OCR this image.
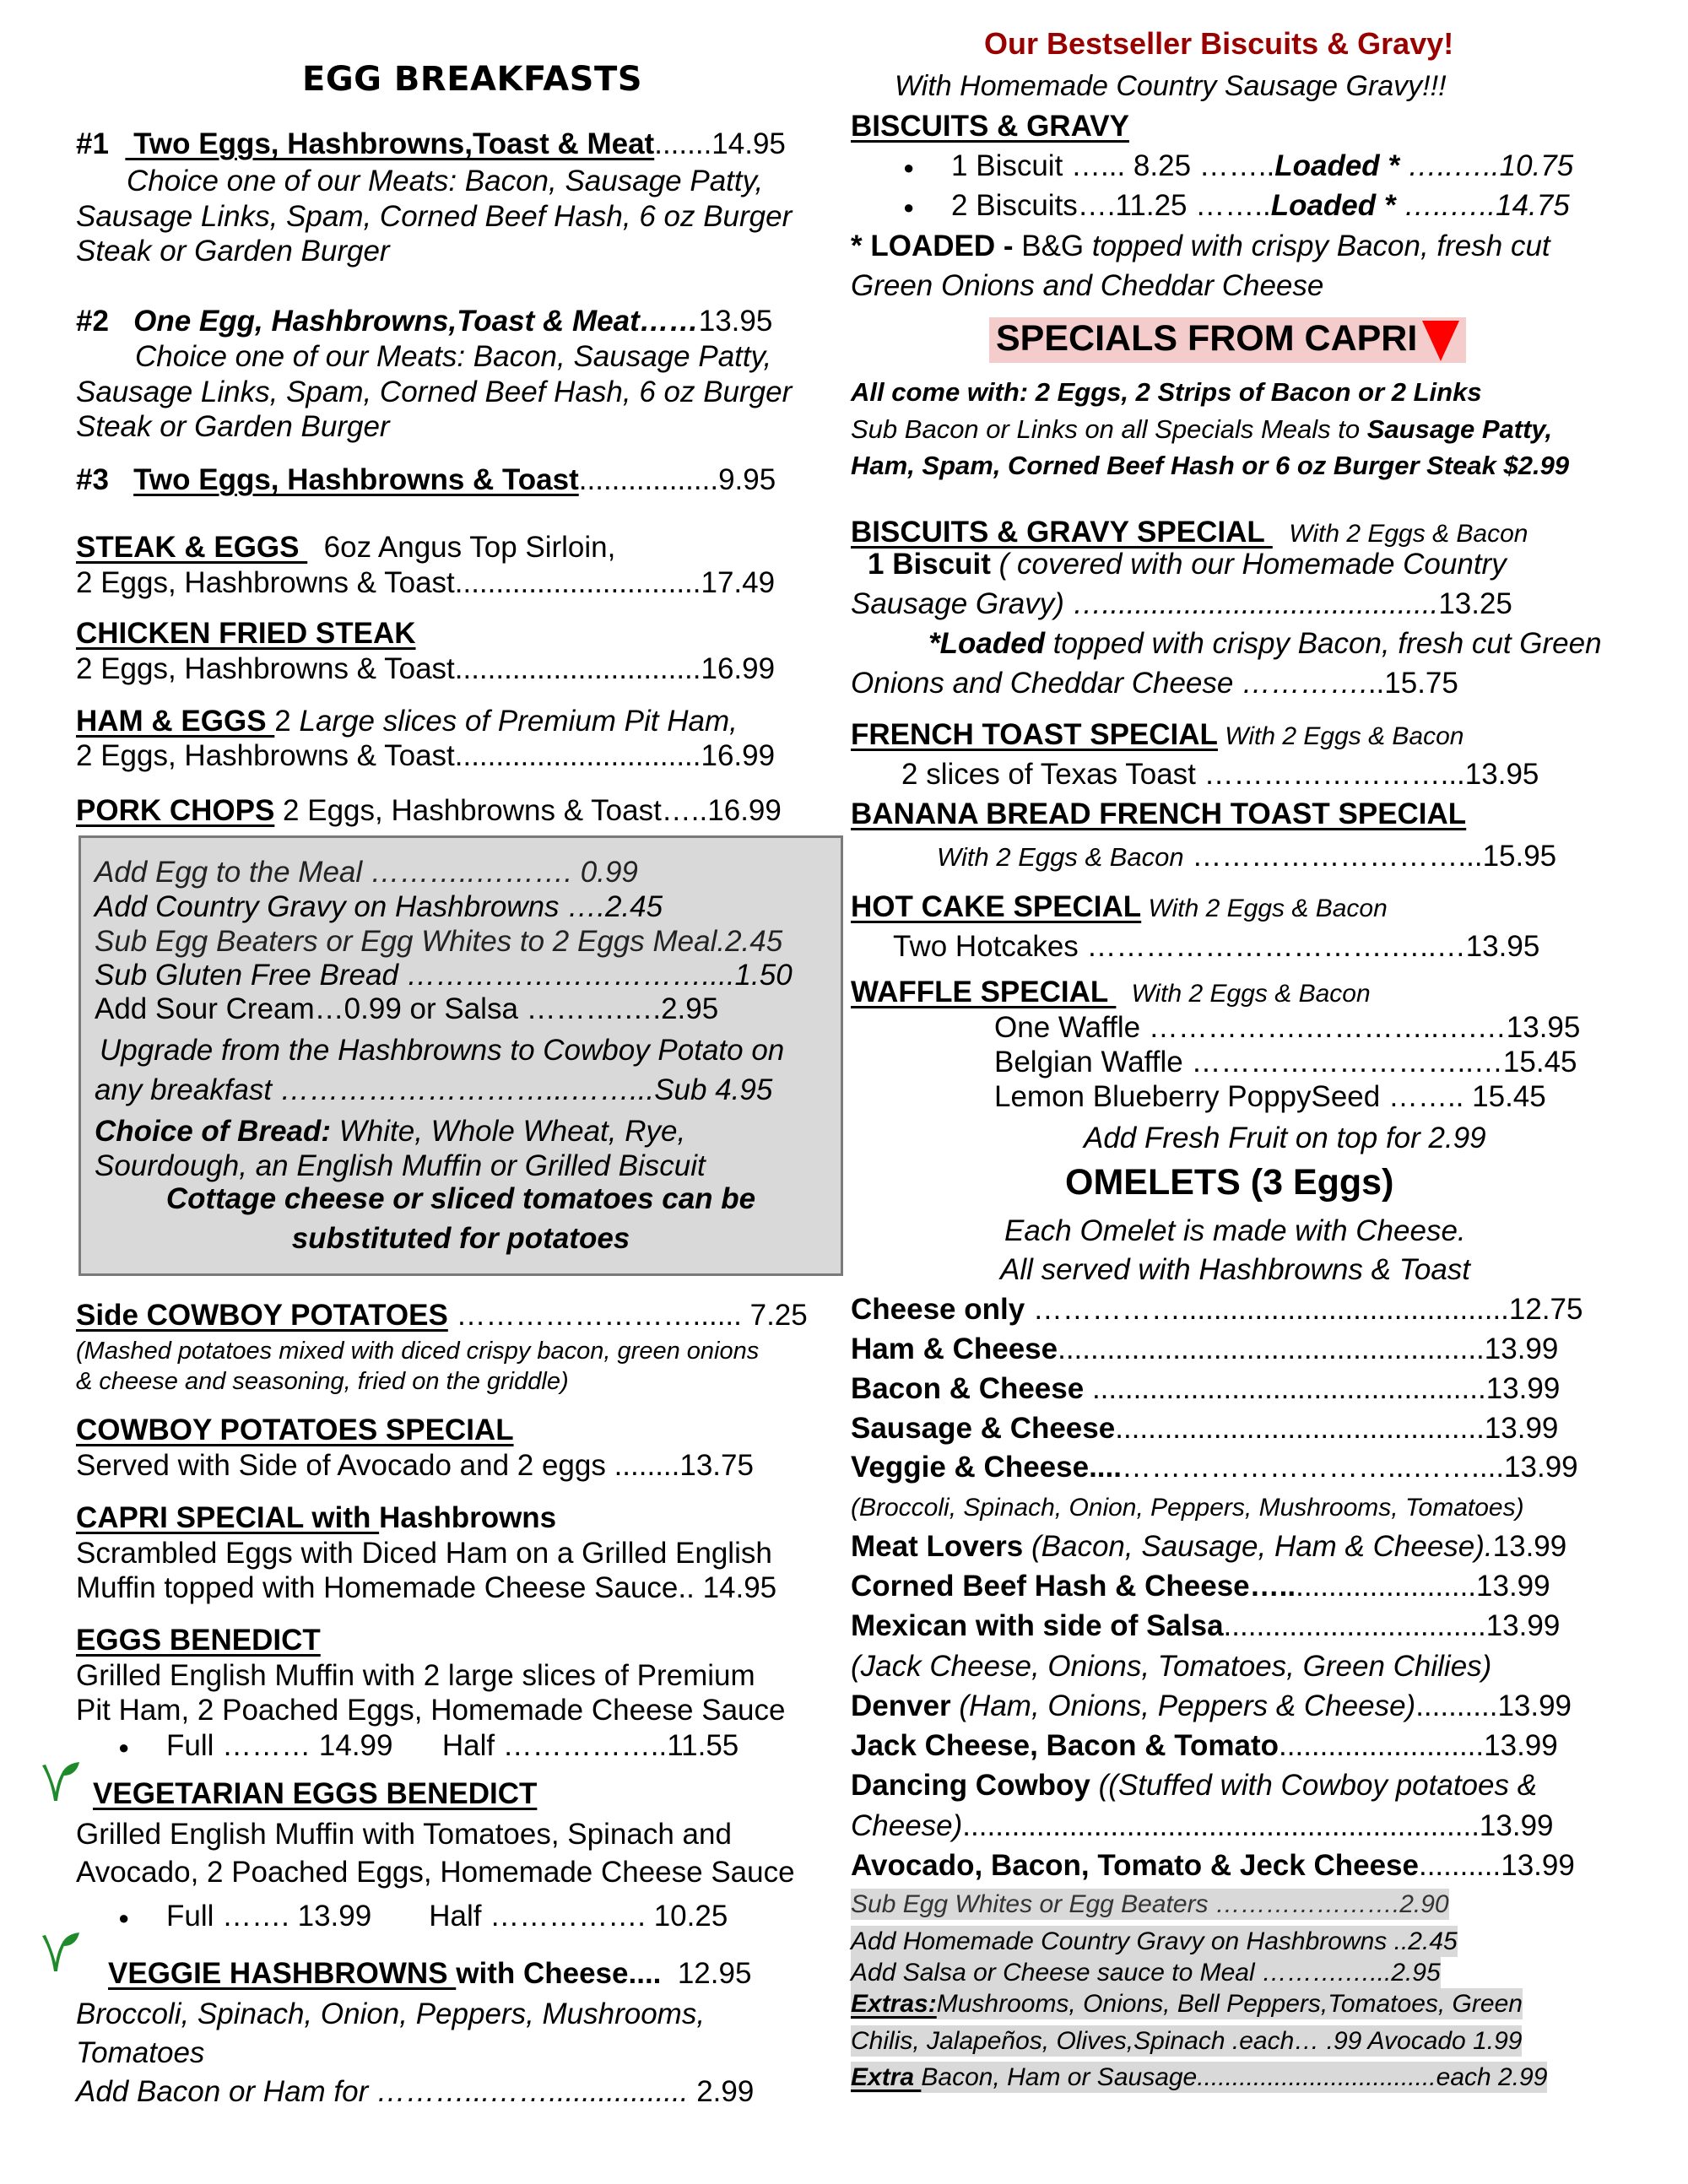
EGG BREAKFASTS
#1   Two Eggs, Hashbrowns,Toast & Meat.......14.95
Choice one of our Meats: Bacon, Sausage Patty,
Sausage Links, Spam, Corned Beef Hash, 6 oz Burger
Steak or Garden Burger
#2 One Egg, Hashbrowns,Toast & Meat……13.95
Choice one of our Meats: Bacon, Sausage Patty,
Sausage Links, Spam, Corned Beef Hash, 6 oz Burger
Steak or Garden Burger
#3 Two Eggs, Hashbrowns & Toast.................9.95
STEAK & EGGS   6oz Angus Top Sirloin,
2 Eggs, Hashbrowns & Toast..............................17.49
CHICKEN FRIED STEAK
2 Eggs, Hashbrowns & Toast..............................16.99
HAM & EGGS 2 Large slices of Premium Pit Ham,
2 Eggs, Hashbrowns & Toast..............................16.99
PORK CHOPS 2 Eggs, Hashbrowns & Toast…..16.99
Add Egg to the Meal ………..………. 0.99
Add Country Gravy on Hashbrowns ….2.45
Sub Egg Beaters or Egg Whites to 2 Eggs Meal.2.45
Sub Gluten Free Bread …………………………....1.50
Add Sour Cream…0.99 or Salsa ……….….2.95
Upgrade from the Hashbrowns to Cowboy Potato on
any breakfast ………………………...……...Sub 4.95
Choice of Bread: White, Whole Wheat, Rye,
Sourdough, an English Muffin or Grilled Biscuit
Cottage cheese or sliced tomatoes can be
substituted for potatoes
Side COWBOY POTATOES ……………………...... 7.25
(Mashed potatoes mixed with diced crispy bacon, green onions
& cheese and seasoning, fried on the griddle)
COWBOY POTATOES SPECIAL
Served with Side of Avocado and 2 eggs ........13.75
CAPRI SPECIAL with Hashbrowns
Scrambled Eggs with Diced Ham on a Grilled English
Muffin topped with Homemade Cheese Sauce.. 14.95
EGGS BENEDICT
Grilled English Muffin with 2 large slices of Premium
Pit Ham, 2 Poached Eggs, Homemade Cheese Sauce
● Full ……… 14.99 Half ……………..11.55
VEGETARIAN EGGS BENEDICT
Grilled English Muffin with Tomatoes, Spinach and
Avocado, 2 Poached Eggs, Homemade Cheese Sauce
● Full ……. 13.99 Half ……………. 10.25
VEGGIE HASHBROWNS with Cheese.... 12.95
Broccoli, Spinach, Onion, Peppers, Mushrooms,
Tomatoes
Add Bacon or Ham for ………...……................. 2.99
Our Bestseller Biscuits & Gravy!
With Homemade Country Sausage Gravy!!!
BISCUITS & GRAVY
● 1 Biscuit …... 8.25 ……..Loaded * …..…..10.75
● 2 Biscuits….11.25 ……..Loaded * …..…..14.75
* LOADED - B&G topped with crispy Bacon, fresh cut
Green Onions and Cheddar Cheese
SPECIALS FROM CAPRI
All come with: 2 Eggs, 2 Strips of Bacon or 2 Links
Sub Bacon or Links on all Specials Meals to Sausage Patty,
Ham, Spam, Corned Beef Hash or 6 oz Burger Steak $2.99
BISCUITS & GRAVY SPECIAL   With 2 Eggs & Bacon
1 Biscuit ( covered with our Homemade Country
Sausage Gravy) ….........................................13.25
*Loaded topped with crispy Bacon, fresh cut Green
Onions and Cheddar Cheese …………...15.75
FRENCH TOAST SPECIAL With 2 Eggs & Bacon
2 slices of Texas Toast ……………………...13.95
BANANA BREAD FRENCH TOAST SPECIAL
With 2 Eggs & Bacon ………………………...15.95
HOT CAKE SPECIAL With 2 Eggs & Bacon
Two Hotcakes ………………………….…..…13.95
WAFFLE SPECIAL   With 2 Eggs & Bacon
One Waffle …………….…………..….…13.95
Belgian Waffle ………………………..…15.45
Lemon Blueberry PoppySeed …….. 15.45
Add Fresh Fruit on top for 2.99
OMELETS (3 Eggs)
Each Omelet is made with Cheese.
All served with Hashbrowns & Toast
Cheese only ……………........................................12.75
Ham & Cheese....................................................13.99
Bacon & Cheese ................................................13.99
Sausage & Cheese.............................................13.99
Veggie & Cheese....………………………...……....13.99
(Broccoli, Spinach, Onion, Peppers, Mushrooms, Tomatoes)
Meat Lovers (Bacon, Sausage, Ham & Cheese).13.99
Corned Beef Hash & Cheese…........................13.99
Mexican with side of Salsa................................13.99
(Jack Cheese, Onions, Tomatoes, Green Chilies)
Denver (Ham, Onions, Peppers & Cheese)..........13.99
Jack Cheese, Bacon & Tomato.........................13.99
Dancing Cowboy ((Stuffed with Cowboy potatoes &
Cheese)...............................................................13.99
Avocado, Bacon, Tomato & Jeck Cheese..........13.99
Sub Egg Whites or Egg Beaters ………………….2.90
Add Homemade Country Gravy on Hashbrowns ..2.45
Add Salsa or Cheese sauce to Meal ……….…...2.95
Extras:Mushrooms, Onions, Bell Peppers,Tomatoes, Green
Chilis, Jalapeños, Olives,Spinach .each… .99 Avocado 1.99
Extra Bacon, Ham or Sausage..................................each 2.99
